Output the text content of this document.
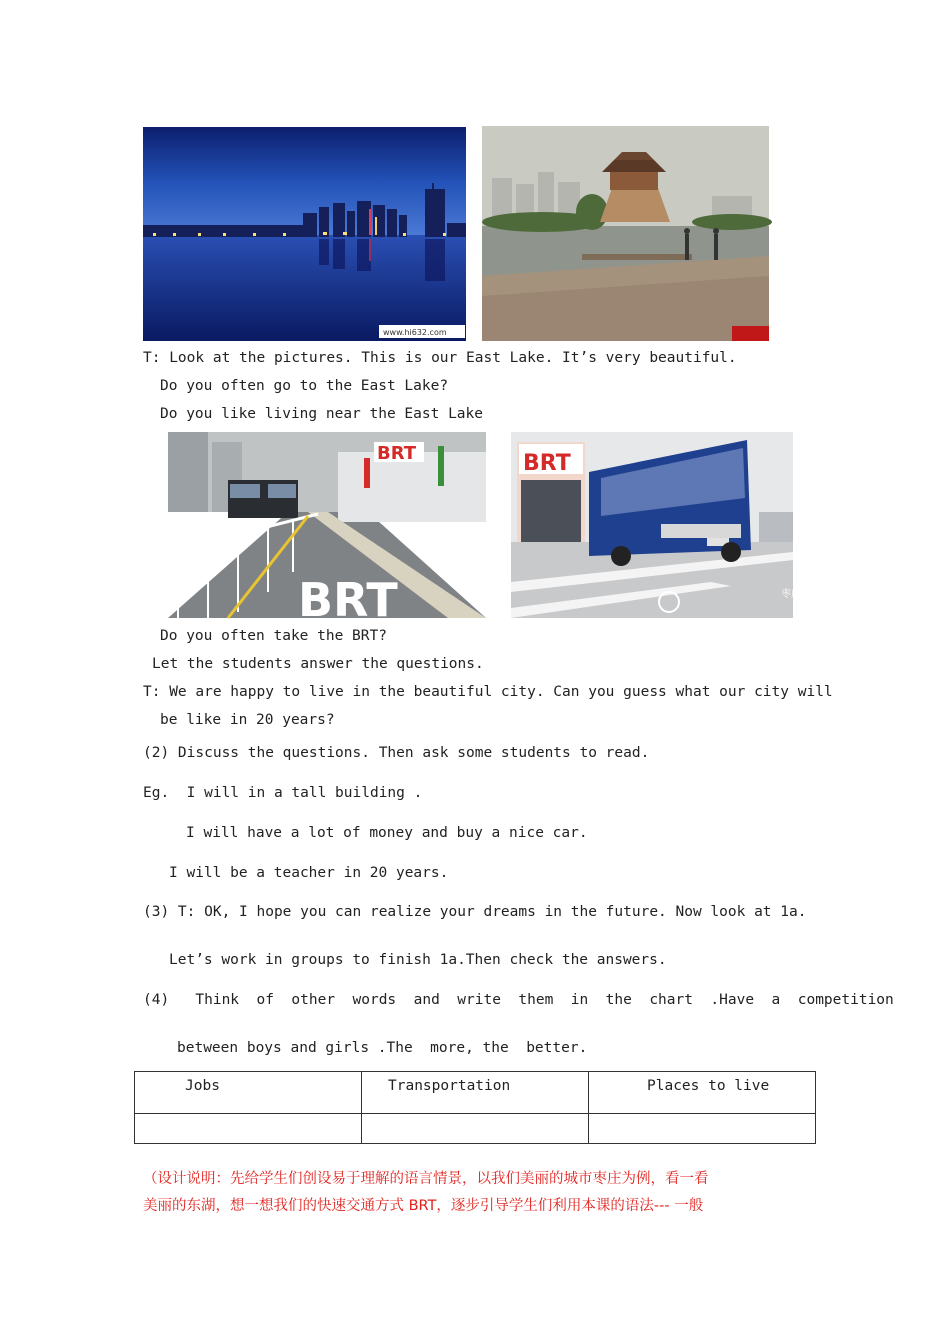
www.hi632.com
T: Look at the pictures. This is our East Lake. It’s very beautiful.
Do you often go to the East Lake?
Do you like living near the East Lake
BRT
BRT
BRT
枣庄
Do you often take the BRT?
Let the students answer the questions.
T: We are happy to live in the beautiful city. Can you guess what our city will
be like in 20 years?
(2) Discuss the questions. Then ask some students to read.
Eg.  I will in a tall building .
I will have a lot of money and buy a nice car.
I will be a teacher in 20 years.
(3) T: OK, I hope you can realize your dreams in the future. Now look at 1a.
Let’s work in groups to finish 1a.Then check the answers.
(4)   Think  of  other  words  and  write  them  in  the  chart  .Have  a  competition
between boys and girls .The  more, the  better.
Jobs	Transportation	Places to live

（设计说明：先给学生们创设易于理解的语言情景，以我们美丽的城市枣庄为例，看一看
美丽的东湖，想一想我们的快速交通方式 BRT，逐步引导学生们利用本课的语法--- 一般
